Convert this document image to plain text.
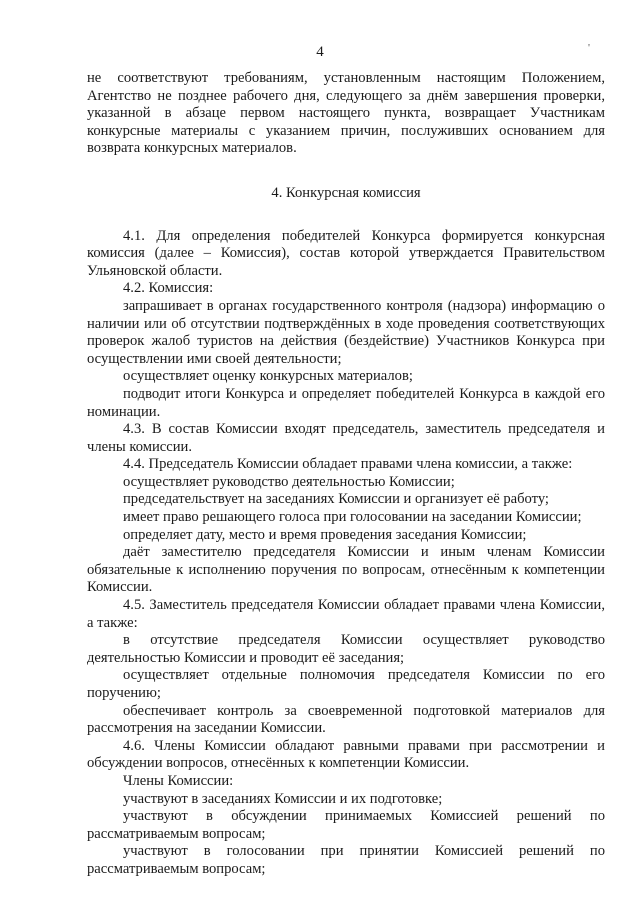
4	'

не соответствуют требованиям, установленным настоящим Положением, Агентство не позднее рабочего дня, следующего за днём завершения проверки, указанной в абзаце первом настоящего пункта, возвращает Участникам конкурсные материалы с указанием причин, послуживших основанием для возврата конкурсных материалов.

4. Конкурсная комиссия

4.1. Для определения победителей Конкурса формируется конкурсная комиссия (далее – Комиссия), состав которой утверждается Правительством Ульяновской области.

4.2. Комиссия:

запрашивает в органах государственного контроля (надзора) информацию о наличии или об отсутствии подтверждённых в ходе проведения соответствующих проверок жалоб туристов на действия (бездействие) Участников Конкурса при осуществлении ими своей деятельности;

осуществляет оценку конкурсных материалов;

подводит итоги Конкурса и определяет победителей Конкурса в каждой его номинации.

4.3. В состав Комиссии входят председатель, заместитель председателя и члены комиссии.

4.4. Председатель Комиссии обладает правами члена комиссии, а также:

осуществляет руководство деятельностью Комиссии;

председательствует на заседаниях Комиссии и организует её работу;

имеет право решающего голоса при голосовании на заседании Комиссии;

определяет дату, место и время проведения заседания Комиссии;

даёт заместителю председателя Комиссии и иным членам Комиссии обязательные к исполнению поручения по вопросам, отнесённым к компетенции Комиссии.

4.5. Заместитель председателя Комиссии обладает правами члена Комиссии, а также:

в отсутствие председателя Комиссии осуществляет руководство деятельностью Комиссии и проводит её заседания;

осуществляет отдельные полномочия председателя Комиссии по его поручению;

обеспечивает контроль за своевременной подготовкой материалов для рассмотрения на заседании Комиссии.

4.6. Члены Комиссии обладают равными правами при рассмотрении и обсуждении вопросов, отнесённых к компетенции Комиссии.

Члены Комиссии:

участвуют в заседаниях Комиссии и их подготовке;

участвуют в обсуждении принимаемых Комиссией решений по рассматриваемым вопросам;

участвуют в голосовании при принятии Комиссией решений по рассматриваемым вопросам;
